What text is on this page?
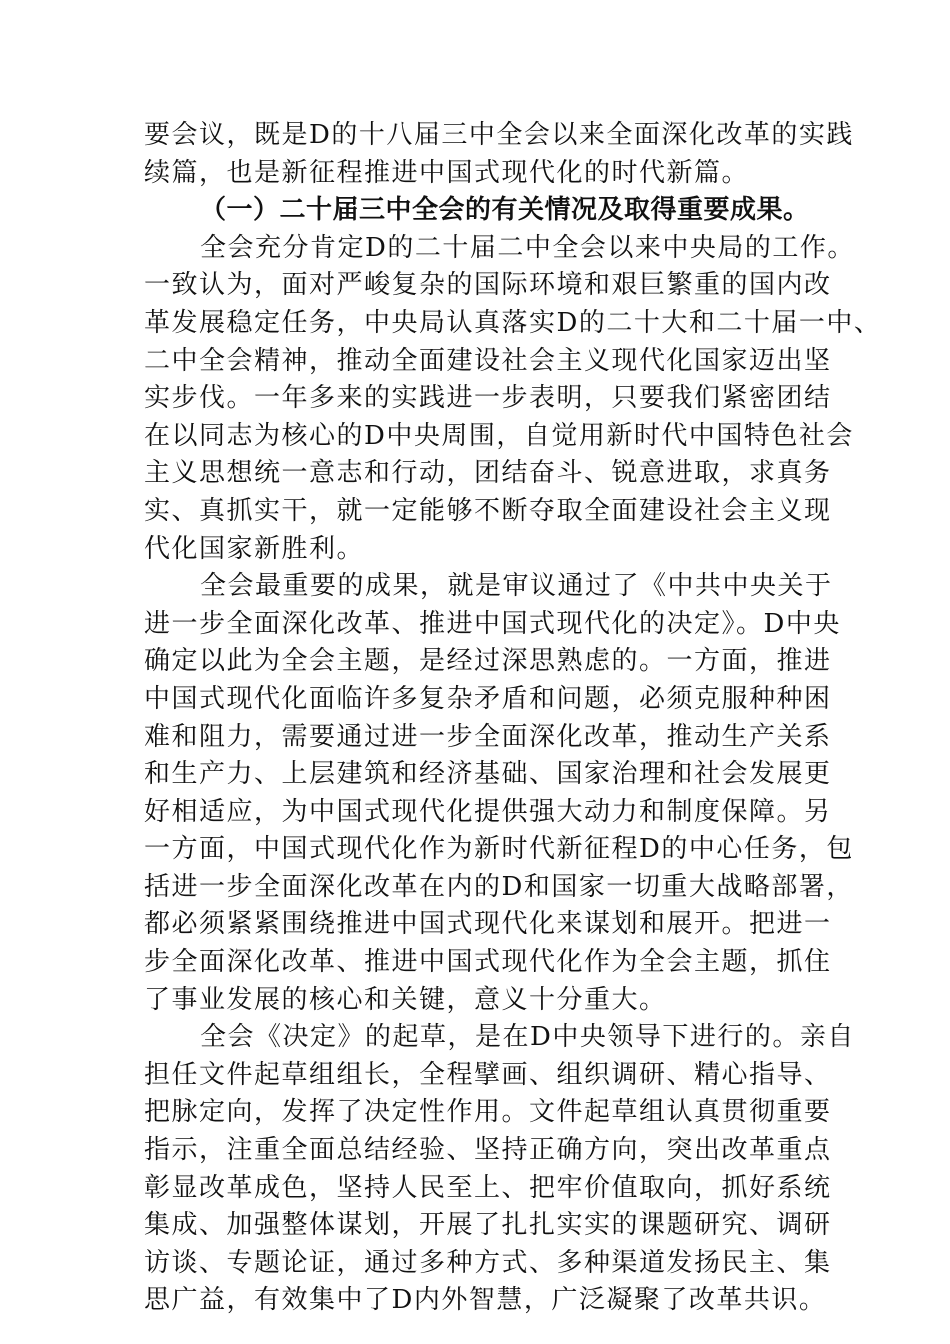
要会议，既是D的十八届三中全会以来全面深化改革的实践
续篇，也是新征程推进中国式现代化的时代新篇。
（一）二十届三中全会的有关情况及取得重要成果。
全会充分肯定D的二十届二中全会以来中央局的工作。
一致认为，面对严峻复杂的国际环境和艰巨繁重的国内改
革发展稳定任务，中央局认真落实D的二十大和二十届一中、
二中全会精神，推动全面建设社会主义现代化国家迈出坚
实步伐。一年多来的实践进一步表明，只要我们紧密团结
在以同志为核心的D中央周围，自觉用新时代中国特色社会
主义思想统一意志和行动，团结奋斗、锐意进取，求真务
实、真抓实干，就一定能够不断夺取全面建设社会主义现
代化国家新胜利。
全会最重要的成果，就是审议通过了《中共中央关于
进一步全面深化改革、推进中国式现代化的决定》。D中央
确定以此为全会主题，是经过深思熟虑的。一方面，推进
中国式现代化面临许多复杂矛盾和问题，必须克服种种困
难和阻力，需要通过进一步全面深化改革，推动生产关系
和生产力、上层建筑和经济基础、国家治理和社会发展更
好相适应，为中国式现代化提供强大动力和制度保障。另
一方面，中国式现代化作为新时代新征程D的中心任务，包
括进一步全面深化改革在内的D和国家一切重大战略部署，
都必须紧紧围绕推进中国式现代化来谋划和展开。把进一
步全面深化改革、推进中国式现代化作为全会主题，抓住
了事业发展的核心和关键，意义十分重大。
全会《决定》的起草，是在D中央领导下进行的。亲自
担任文件起草组组长，全程擘画、组织调研、精心指导、
把脉定向，发挥了决定性作用。文件起草组认真贯彻重要
指示，注重全面总结经验、坚持正确方向，突出改革重点
彰显改革成色，坚持人民至上、把牢价值取向，抓好系统
集成、加强整体谋划，开展了扎扎实实的课题研究、调研
访谈、专题论证，通过多种方式、多种渠道发扬民主、集
思广益，有效集中了D内外智慧，广泛凝聚了改革共识。
